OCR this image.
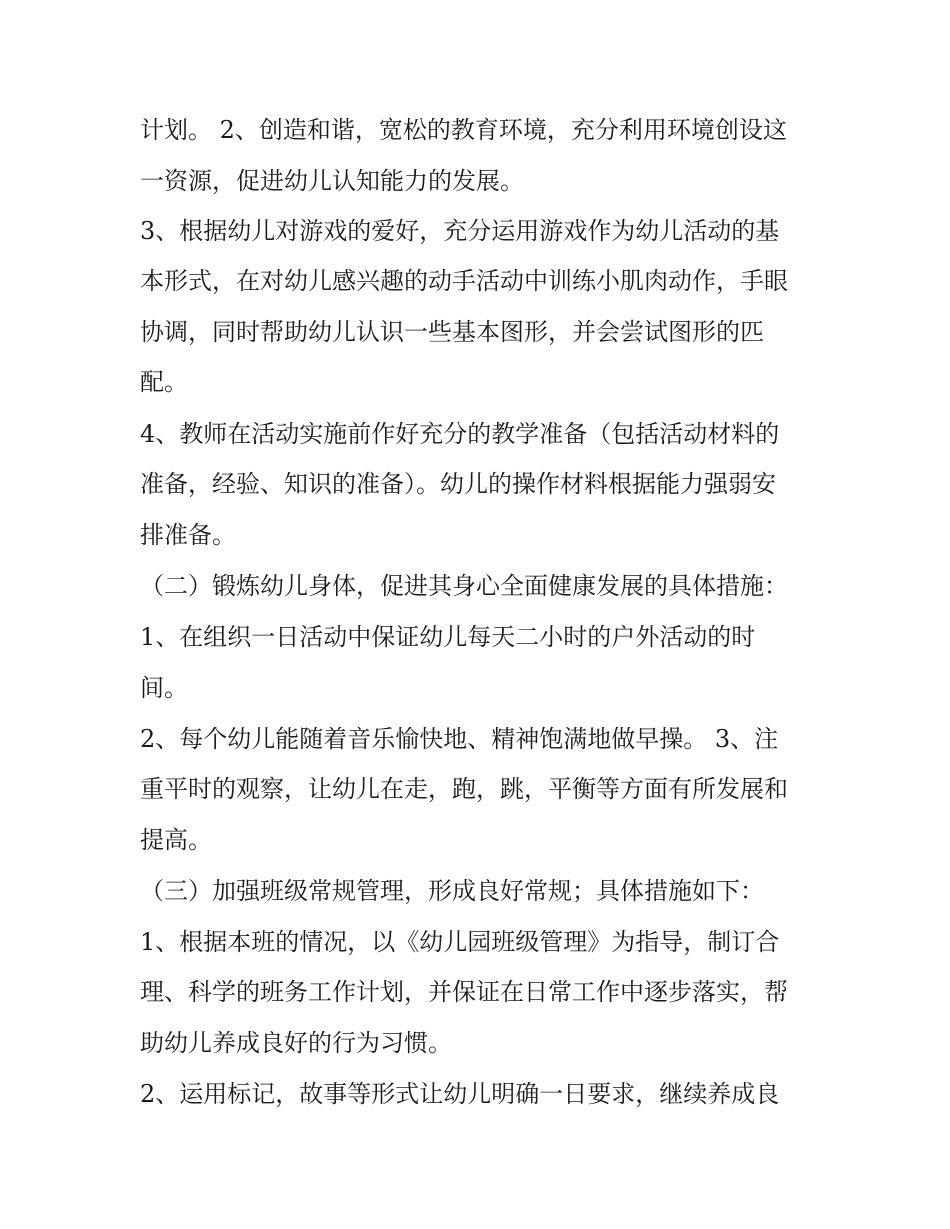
计划。 2、创造和谐，宽松的教育环境，充分利用环境创设这
一资源，促进幼儿认知能力的发展。
3、根据幼儿对游戏的爱好，充分运用游戏作为幼儿活动的基
本形式，在对幼儿感兴趣的动手活动中训练小肌肉动作，手眼
协调，同时帮助幼儿认识一些基本图形，并会尝试图形的匹
配。
4、教师在活动实施前作好充分的教学准备（包括活动材料的
准备，经验、知识的准备）。幼儿的操作材料根据能力强弱安
排准备。
（二）锻炼幼儿身体，促进其身心全面健康发展的具体措施：
1、在组织一日活动中保证幼儿每天二小时的户外活动的时
间。
2、每个幼儿能随着音乐愉快地、精神饱满地做早操。 3、注
重平时的观察，让幼儿在走，跑，跳，平衡等方面有所发展和
提高。
（三）加强班级常规管理，形成良好常规；具体措施如下：
1、根据本班的情况，以《幼儿园班级管理》为指导，制订合
理、科学的班务工作计划，并保证在日常工作中逐步落实，帮
助幼儿养成良好的行为习惯。
2、运用标记，故事等形式让幼儿明确一日要求，继续养成良
